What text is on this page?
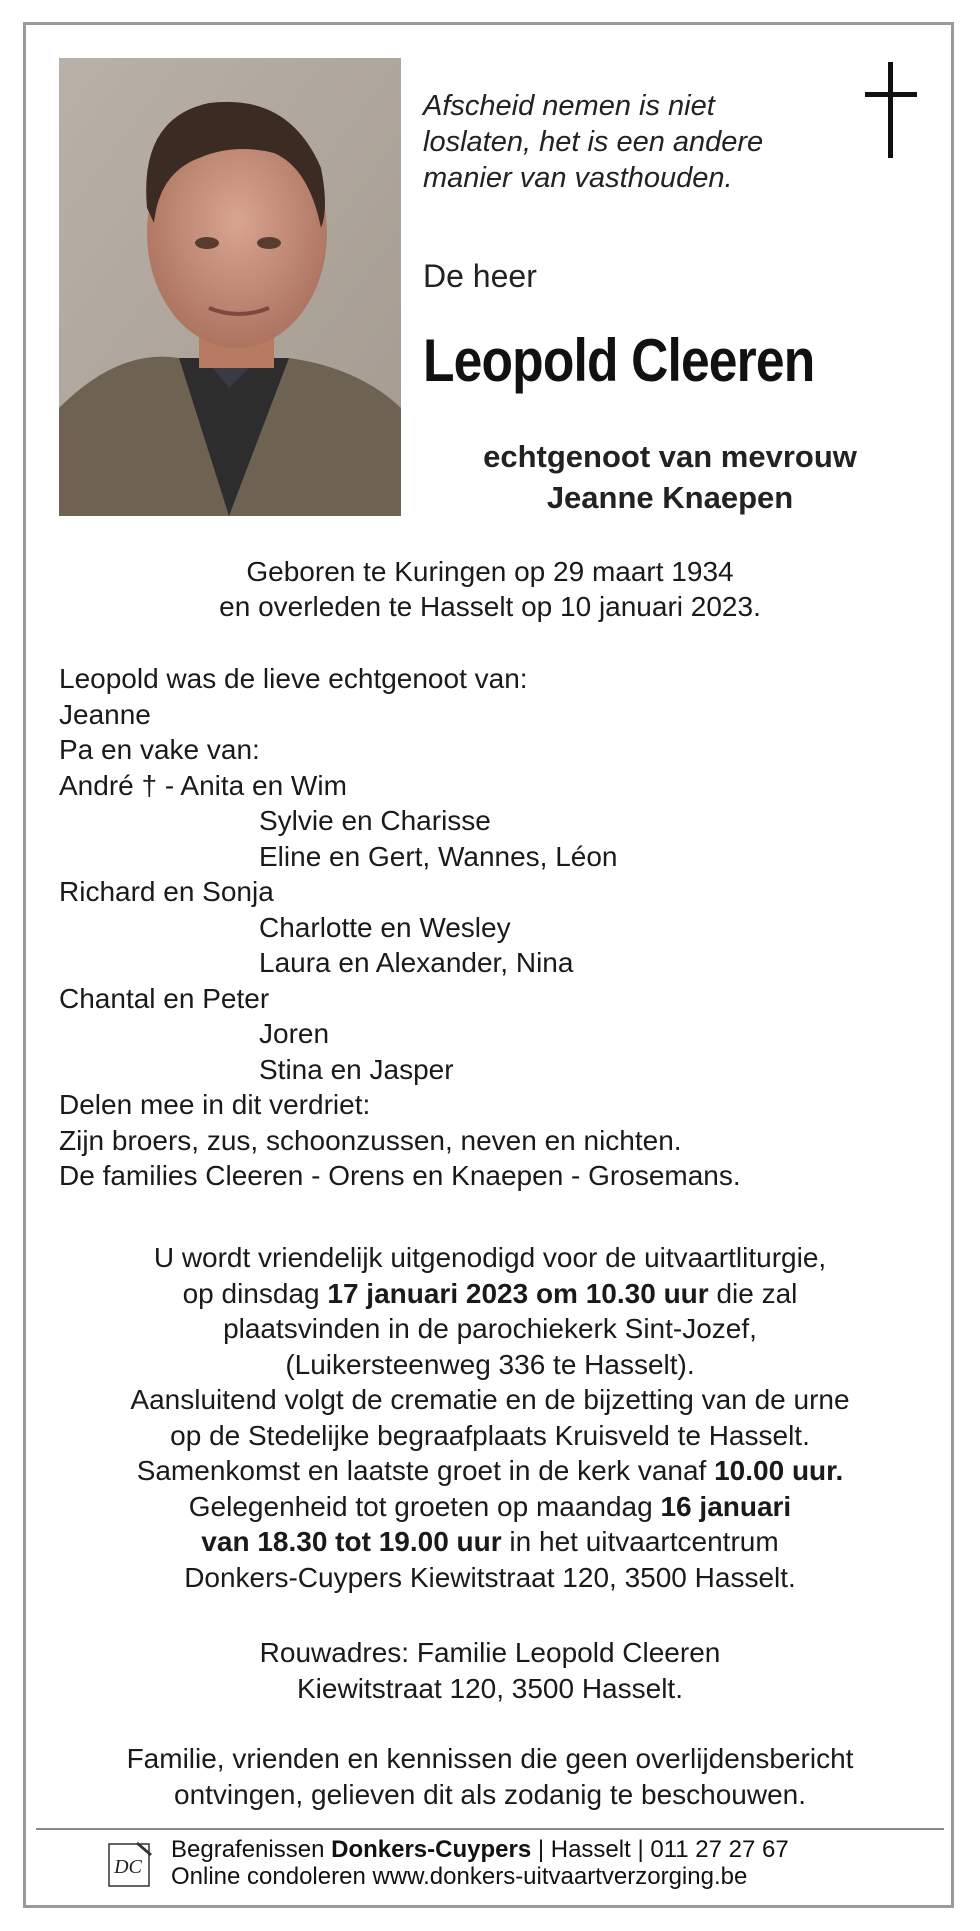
Afscheid nemen is niet
loslaten, het is een andere
manier van vasthouden.
De heer
Leopold Cleeren
echtgenoot van mevrouw
Jeanne Knaepen
Geboren te Kuringen op 29 maart 1934
en overleden te Hasselt op 10 januari 2023.
Leopold was de lieve echtgenoot van:
Jeanne
Pa en vake van:
André † - Anita en Wim
Sylvie en Charisse
Eline en Gert, Wannes, Léon
Richard en Sonja
Charlotte en Wesley
Laura en Alexander, Nina
Chantal en Peter
Joren
Stina en Jasper
Delen mee in dit verdriet:
Zijn broers, zus, schoonzussen, neven en nichten.
De families Cleeren - Orens en Knaepen - Grosemans.
U wordt vriendelijk uitgenodigd voor de uitvaartliturgie,
op dinsdag 17 januari 2023 om 10.30 uur die zal
plaatsvinden in de parochiekerk Sint-Jozef,
(Luikersteenweg 336 te Hasselt).
Aansluitend volgt de crematie en de bijzetting van de urne
op de Stedelijke begraafplaats Kruisveld te Hasselt.
Samenkomst en laatste groet in de kerk vanaf 10.00 uur.
Gelegenheid tot groeten op maandag 16 januari
van 18.30 tot 19.00 uur in het uitvaartcentrum
Donkers-Cuypers Kiewitstraat 120, 3500 Hasselt.
Rouwadres: Familie Leopold Cleeren
Kiewitstraat 120, 3500 Hasselt.
Familie, vrienden en kennissen die geen overlijdensbericht
ontvingen, gelieven dit als zodanig te beschouwen.
DC
Begrafenissen Donkers-Cuypers | Hasselt | 011 27 27 67
Online condoleren www.donkers-uitvaartverzorging.be
